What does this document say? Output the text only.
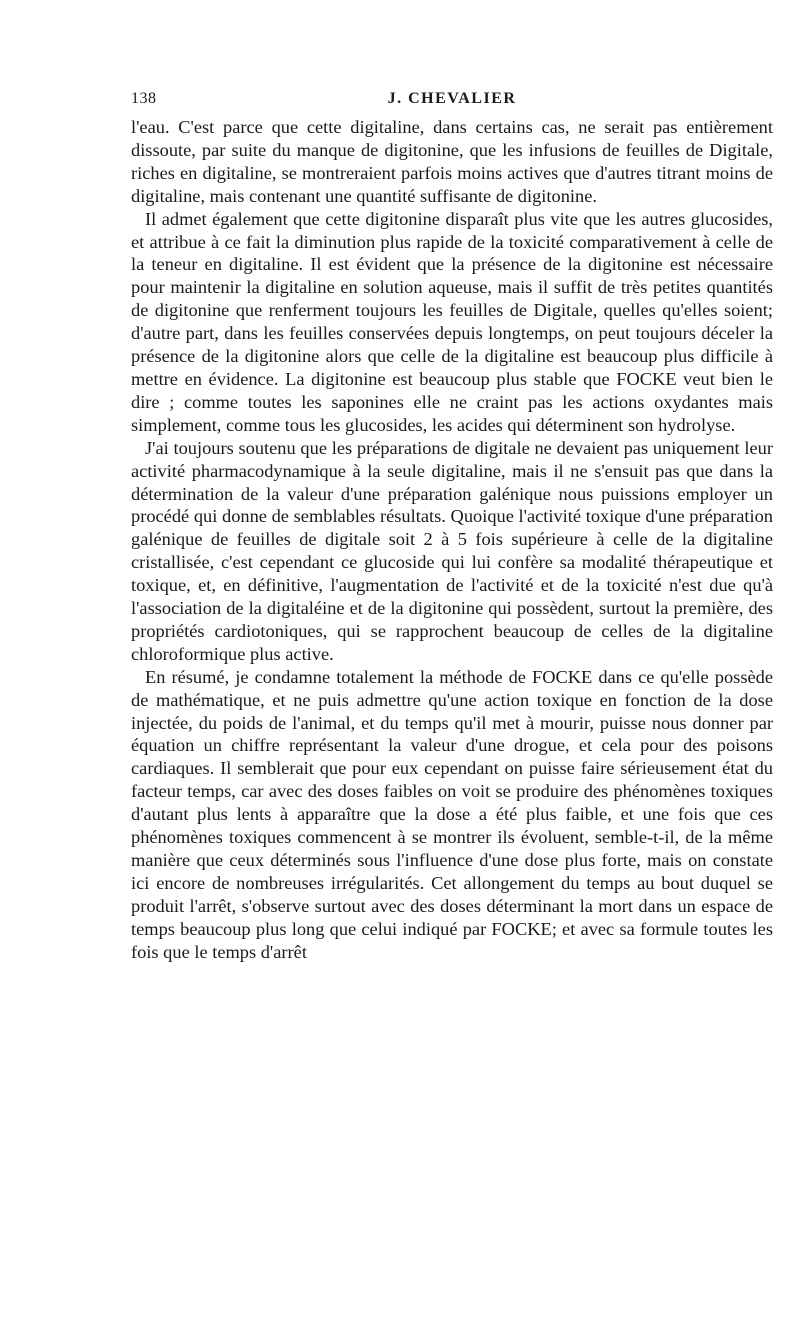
138	J. CHEVALIER

l'eau. C'est parce que cette digitaline, dans certains cas, ne serait pas entièrement dissoute, par suite du manque de digitonine, que les infusions de feuilles de Digitale, riches en digitaline, se montreraient parfois moins actives que d'autres titrant moins de digitaline, mais contenant une quantité suffisante de digitonine.

Il admet également que cette digitonine disparaît plus vite que les autres glucosides, et attribue à ce fait la diminution plus rapide de la toxicité comparativement à celle de la teneur en digitaline. Il est évident que la présence de la digitonine est nécessaire pour maintenir la digitaline en solution aqueuse, mais il suffit de très petites quantités de digitonine que renferment toujours les feuilles de Digitale, quelles qu'elles soient; d'autre part, dans les feuilles conservées depuis longtemps, on peut toujours déceler la présence de la digitonine alors que celle de la digitaline est beaucoup plus difficile à mettre en évidence. La digitonine est beaucoup plus stable que FOCKE veut bien le dire ; comme toutes les saponines elle ne craint pas les actions oxydantes mais simplement, comme tous les glucosides, les acides qui déterminent son hydrolyse.

J'ai toujours soutenu que les préparations de digitale ne devaient pas uniquement leur activité pharmacodynamique à la seule digitaline, mais il ne s'ensuit pas que dans la détermination de la valeur d'une préparation galénique nous puissions employer un procédé qui donne de semblables résultats. Quoique l'activité toxique d'une préparation galénique de feuilles de digitale soit 2 à 5 fois supérieure à celle de la digitaline cristallisée, c'est cependant ce glucoside qui lui confère sa modalité thérapeutique et toxique, et, en définitive, l'augmentation de l'activité et de la toxicité n'est due qu'à l'association de la digitaléine et de la digitonine qui possèdent, surtout la première, des propriétés cardiotoniques, qui se rapprochent beaucoup de celles de la digitaline chloroformique plus active.

En résumé, je condamne totalement la méthode de FOCKE dans ce qu'elle possède de mathématique, et ne puis admettre qu'une action toxique en fonction de la dose injectée, du poids de l'animal, et du temps qu'il met à mourir, puisse nous donner par équation un chiffre représentant la valeur d'une drogue, et cela pour des poisons cardiaques. Il semblerait que pour eux cependant on puisse faire sérieusement état du facteur temps, car avec des doses faibles on voit se produire des phénomènes toxiques d'autant plus lents à apparaître que la dose a été plus faible, et une fois que ces phénomènes toxiques commencent à se montrer ils évoluent, semble-t-il, de la même manière que ceux déterminés sous l'influence d'une dose plus forte, mais on constate ici encore de nombreuses irrégularités. Cet allongement du temps au bout duquel se produit l'arrêt, s'observe surtout avec des doses déterminant la mort dans un espace de temps beaucoup plus long que celui indiqué par FOCKE; et avec sa formule toutes les fois que le temps d'arrêt
